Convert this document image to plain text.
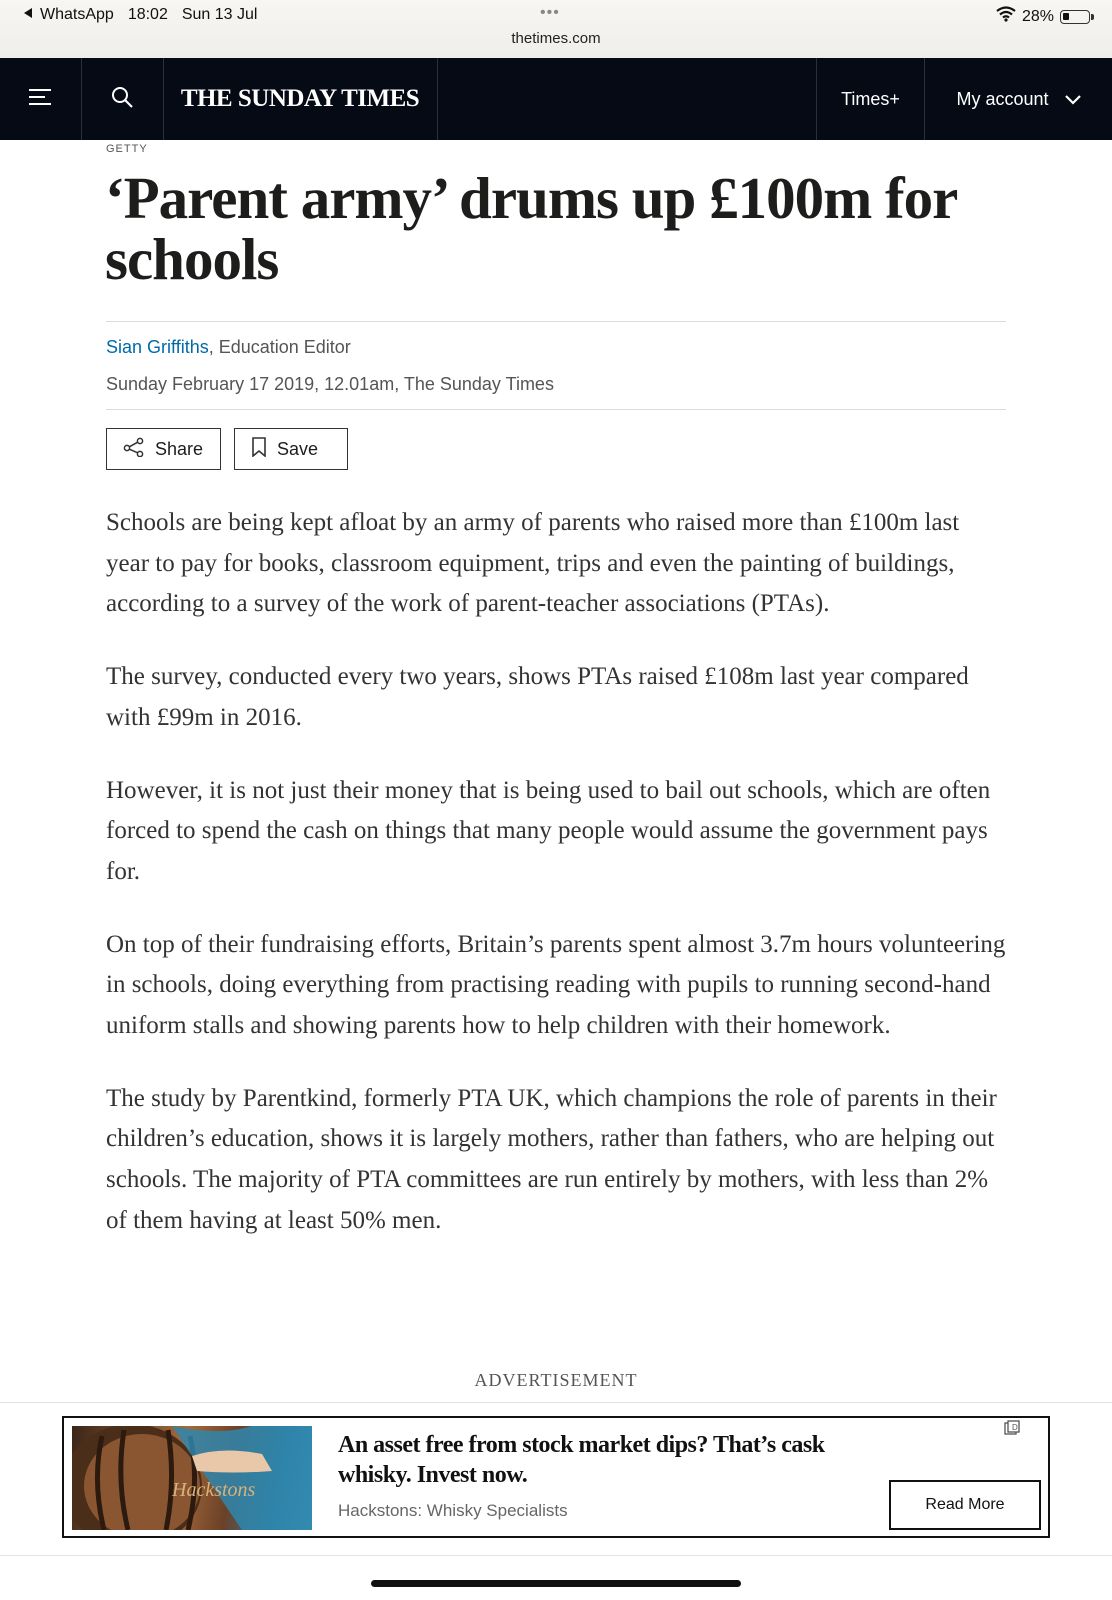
WhatsApp 18:02 Sun 13 Jul	•••
thetimes.com
28%
THE SUNDAY TIMES	Times+	My account
GETTY
‘Parent army’ drums up £100m for schools
Sian Griffiths, Education Editor
Sunday February 17 2019, 12.01am, The Sunday Times
Share	Save

Schools are being kept afloat by an army of parents who raised more than £100m last year to pay for books, classroom equipment, trips and even the painting of buildings, according to a survey of the work of parent-teacher associations (PTAs).

The survey, conducted every two years, shows PTAs raised £108m last year compared with £99m in 2016.

However, it is not just their money that is being used to bail out schools, which are often forced to spend the cash on things that many people would assume the government pays for.

On top of their fundraising efforts, Britain’s parents spent almost 3.7m hours volunteering in schools, doing everything from practising reading with pupils to running second-hand uniform stalls and showing parents how to help children with their homework.

The study by Parentkind, formerly PTA UK, which champions the role of parents in their children’s education, shows it is largely mothers, rather than fathers, who are helping out schools. The majority of PTA committees are run entirely by mothers, with less than 2% of them having at least 50% men.

ADVERTISEMENT
Hackstons
D
An asset free from stock market dips? That’s cask whisky. Invest now.
Hackstons: Whisky Specialists	Read More
